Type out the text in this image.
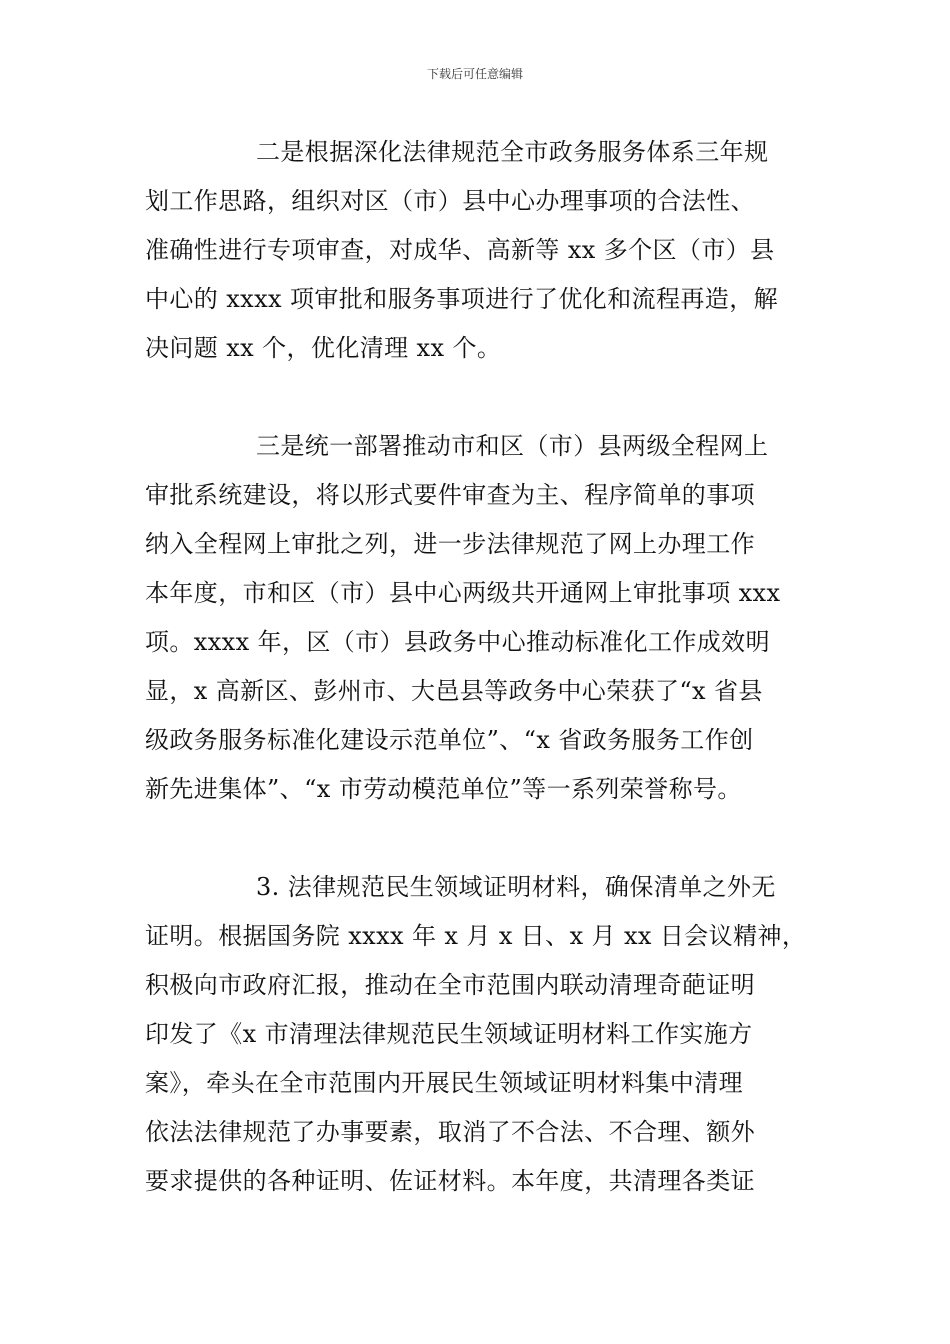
下载后可任意编辑
二是根据深化法律规范全市政务服务体系三年规
划工作思路，组织对区（市）县中心办理事项的合法性、
准确性进行专项审查，对成华、高新等 xx 多个区（市）县
中心的 xxxx 项审批和服务事项进行了优化和流程再造，解
决问题 xx 个，优化清理 xx 个。
三是统一部署推动市和区（市）县两级全程网上
审批系统建设，将以形式要件审查为主、程序简单的事项
纳入全程网上审批之列，进一步法律规范了网上办理工作
本年度，市和区（市）县中心两级共开通网上审批事项 xxx
项。xxxx 年，区（市）县政务中心推动标准化工作成效明
显，x 高新区、彭州市、大邑县等政务中心荣获了“x 省县
级政务服务标准化建设示范单位”、“x 省政务服务工作创
新先进集体”、“x 市劳动模范单位”等一系列荣誉称号。
3. 法律规范民生领域证明材料，确保清单之外无
证明。根据国务院 xxxx 年 x 月 x 日、x 月 xx 日会议精神，
积极向市政府汇报，推动在全市范围内联动清理奇葩证明
印发了《x 市清理法律规范民生领域证明材料工作实施方
案》，牵头在全市范围内开展民生领域证明材料集中清理
依法法律规范了办事要素，取消了不合法、不合理、额外
要求提供的各种证明、佐证材料。本年度，共清理各类证
